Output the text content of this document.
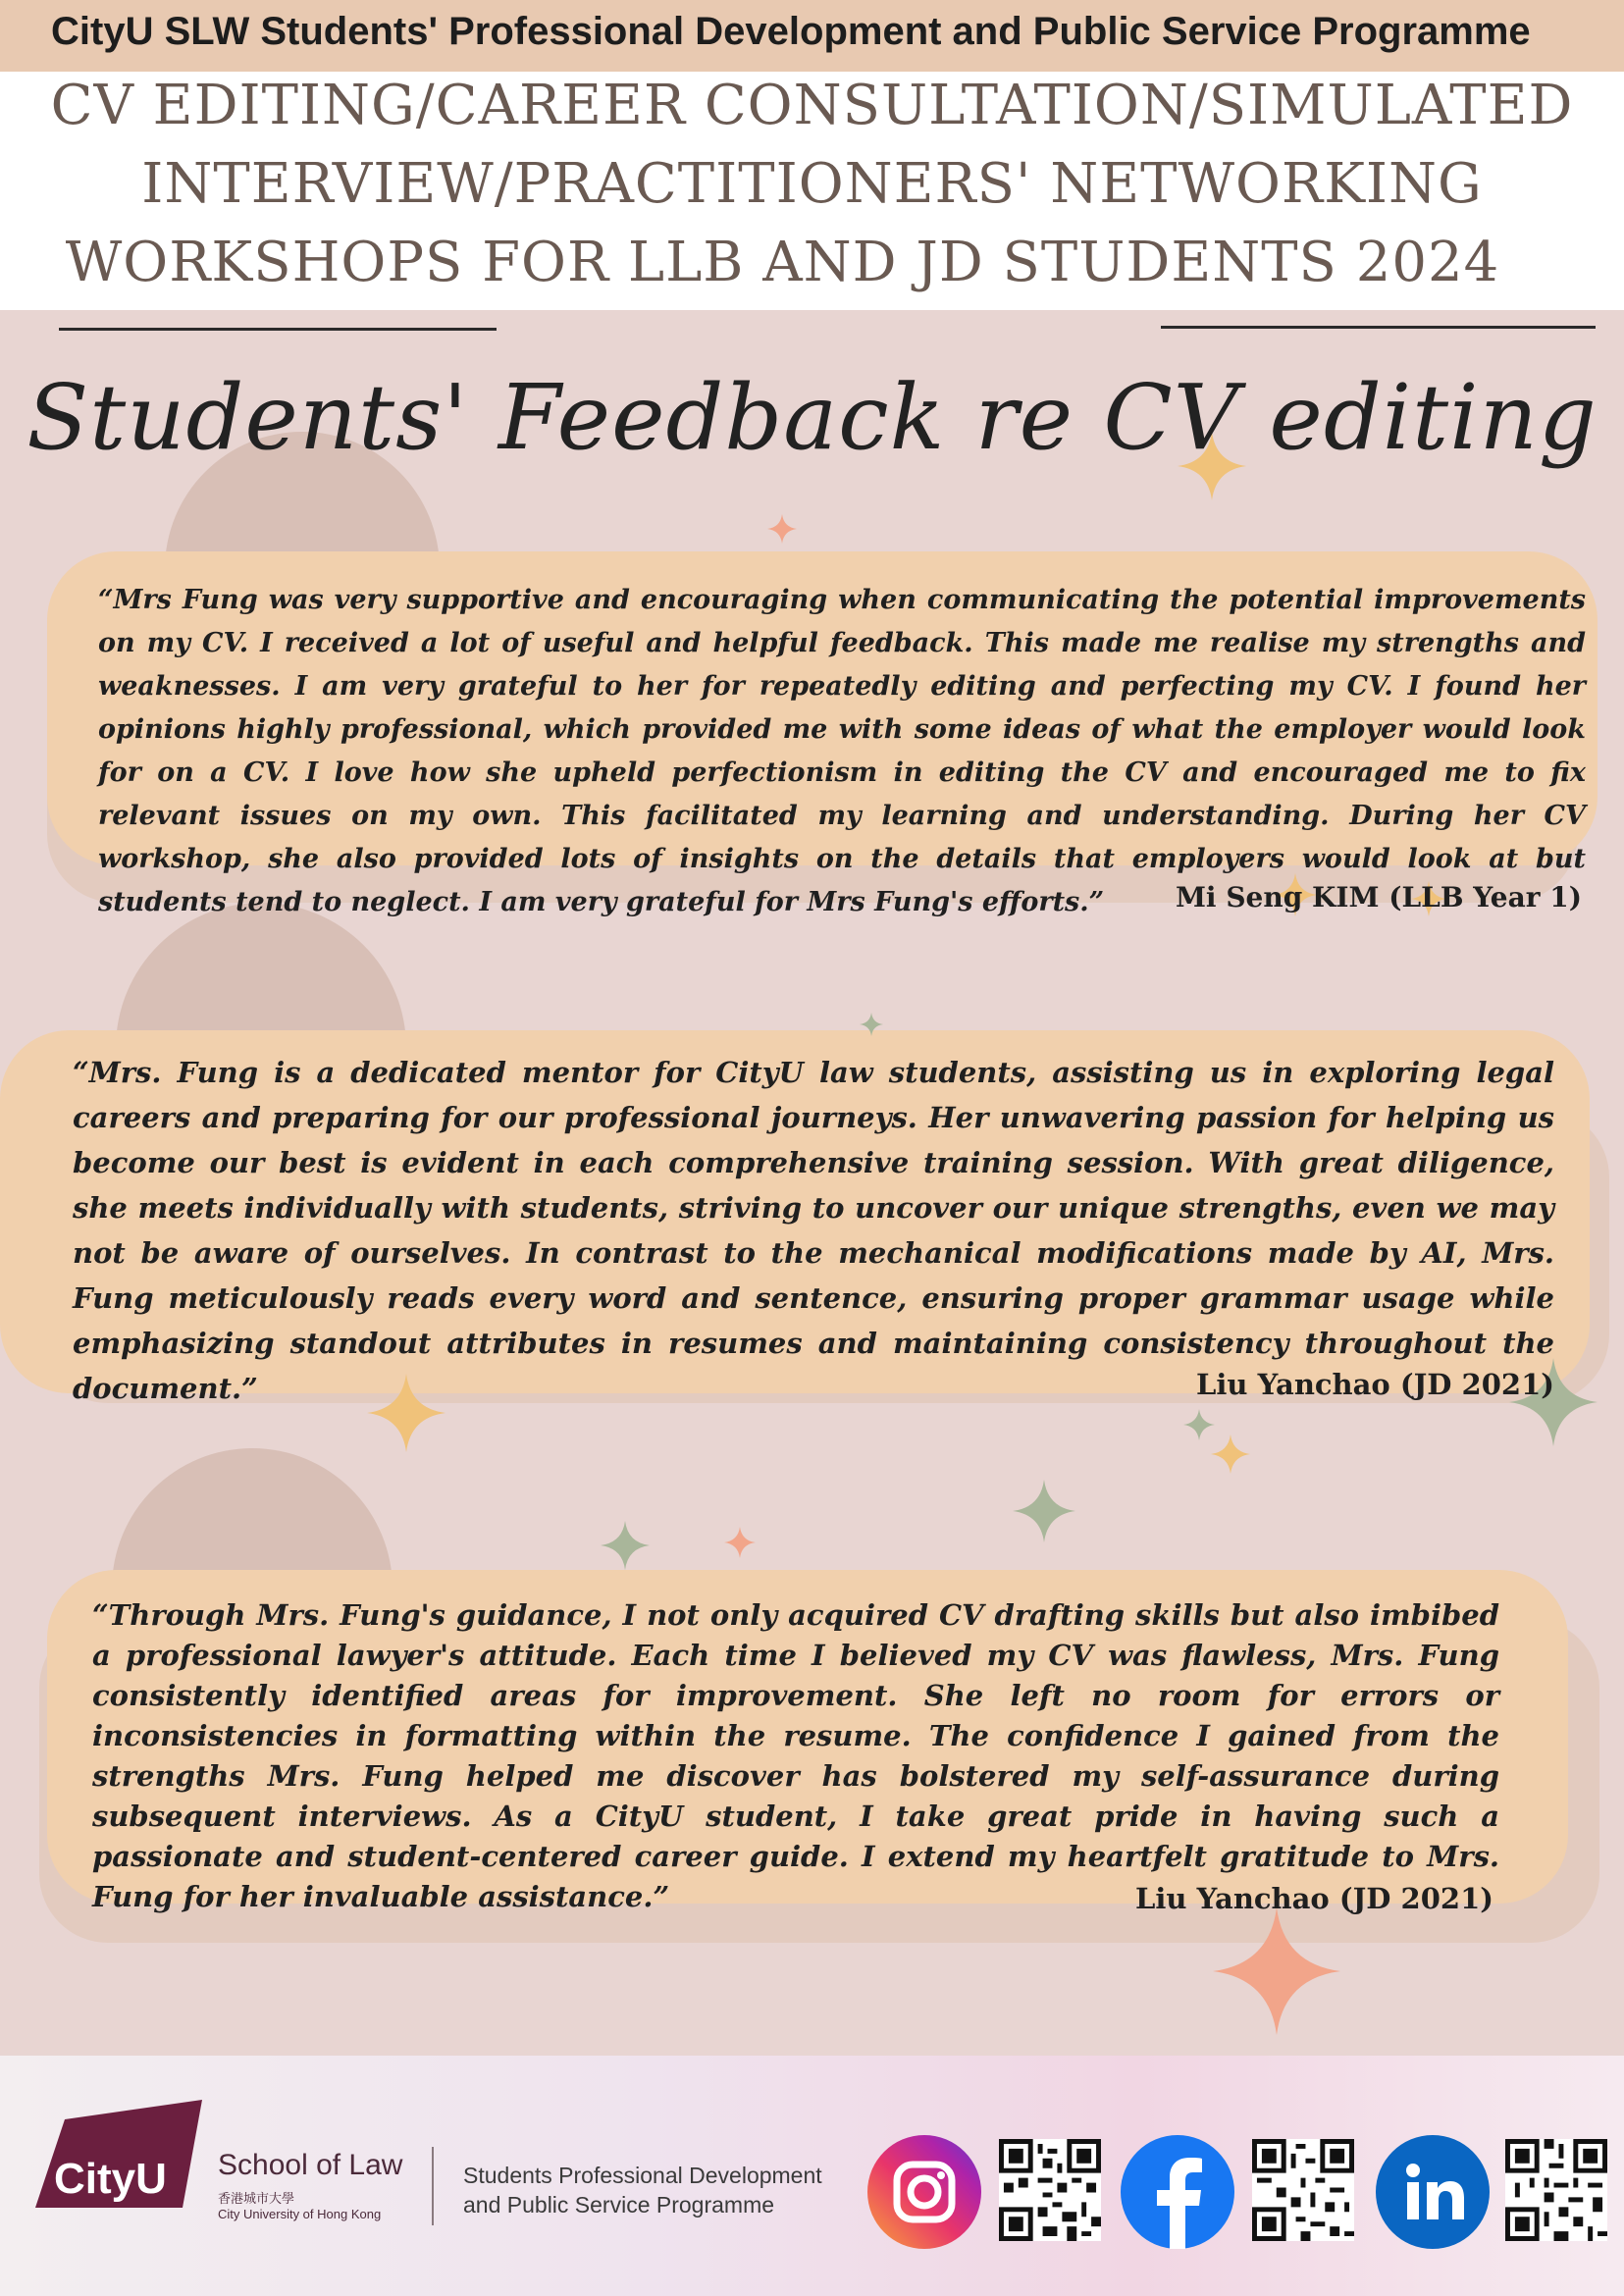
CityU SLW Students' Professional Development and Public Service Programme
CV EDITING/CAREER CONSULTATION/SIMULATED
INTERVIEW/PRACTITIONERS' NETWORKING
WORKSHOPS FOR LLB AND JD STUDENTS 2024
Students' Feedback re CV editing
“Mrs Fung was very supportive and encouraging when communicating the potential improvements on my CV. I received a lot of useful and helpful feedback. This made me realise my strengths and weaknesses. I am very grateful to her for repeatedly editing and perfecting my CV. I found her opinions highly professional, which provided me with some ideas of what the employer would look for on a CV. I love how she upheld perfectionism in editing the CV and encouraged me to fix relevant issues on my own. This facilitated my learning and understanding. During her CV workshop, she also provided lots of insights on the details that employers would look at but students tend to neglect. I am very grateful for Mrs Fung's efforts.”	Mi Seng KIM (LLB Year 1)
“Mrs. Fung is a dedicated mentor for CityU law students, assisting us in exploring legal careers and preparing for our professional journeys. Her unwavering passion for helping us become our best is evident in each comprehensive training session. With great diligence, she meets individually with students, striving to uncover our unique strengths, even we may not be aware of ourselves. In contrast to the mechanical modifications made by AI, Mrs. Fung meticulously reads every word and sentence, ensuring proper grammar usage while emphasizing standout attributes in resumes and maintaining consistency throughout the document.”	Liu Yanchao (JD 2021)
“Through Mrs. Fung's guidance, I not only acquired CV drafting skills but also imbibed a professional lawyer's attitude. Each time I believed my CV was flawless, Mrs. Fung consistently identified areas for improvement. She left no room for errors or inconsistencies in formatting within the resume. The confidence I gained from the strengths Mrs. Fung helped me discover has bolstered my self-assurance during subsequent interviews. As a CityU student, I take great pride in having such a passionate and student-centered career guide. I extend my heartfelt gratitude to Mrs. Fung for her invaluable assistance.”	Liu Yanchao (JD 2021)
CityU School of Law
香港城市大學
City University of Hong Kong
Students Professional Development
and Public Service Programme
